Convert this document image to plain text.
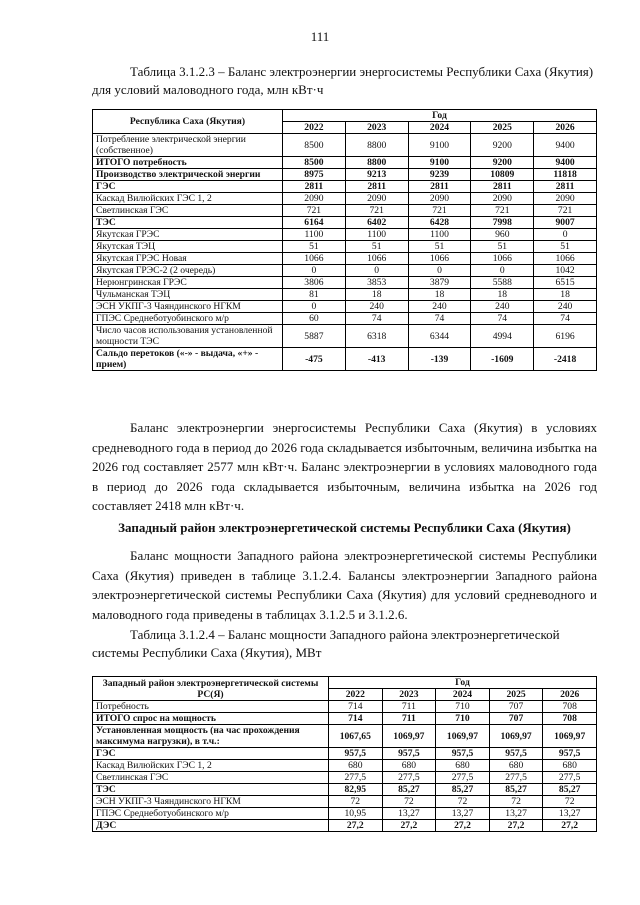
111
Таблица 3.1.2.3 – Баланс электроэнергии энергосистемы Республики Саха (Якутия) для условий маловодного года, млн кВт·ч
Республика Саха (Якутия)	Год				
	2022	2023	2024	2025	2026
Потребление электрической энергии (собственное)	8500	8800	9100	9200	9400
ИТОГО потребность	8500	8800	9100	9200	9400
Производство электрической энергии	8975	9213	9239	10809	11818
ГЭС	2811	2811	2811	2811	2811
Каскад Вилюйских ГЭС 1, 2	2090	2090	2090	2090	2090
Светлинская ГЭС	721	721	721	721	721
ТЭС	6164	6402	6428	7998	9007
Якутская ГРЭС	1100	1100	1100	960	0
Якутская ТЭЦ	51	51	51	51	51
Якутская ГРЭС Новая	1066	1066	1066	1066	1066
Якутская ГРЭС-2 (2 очередь)	0	0	0	0	1042
Нерюнгринская ГРЭС	3806	3853	3879	5588	6515
Чульманская ТЭЦ	81	18	18	18	18
ЭСН УКПГ-3 Чаяндинского НГКМ	0	240	240	240	240
ГПЭС Среднеботуобинского м/р	60	74	74	74	74
Число часов использования установленной мощности ТЭС	5887	6318	6344	4994	6196
Сальдо перетоков («-» - выдача, «+» - прием)	-475	-413	-139	-1609	-2418
Баланс электроэнергии энергосистемы Республики Саха (Якутия) в условиях средневодного года в период до 2026 года складывается избыточным, величина избытка на 2026 год составляет 2577 млн кВт·ч. Баланс электроэнергии в условиях маловодного года в период до 2026 года складывается избыточным, величина избытка на 2026 год составляет 2418 млн кВт·ч.
Западный район электроэнергетической системы Республики Саха (Якутия)
Баланс мощности Западного района электроэнергетической системы Республики Саха (Якутия) приведен в таблице 3.1.2.4. Балансы электроэнергии Западного района электроэнергетической системы Республики Саха (Якутия) для условий средневодного и маловодного года приведены в таблицах 3.1.2.5 и 3.1.2.6.
Таблица 3.1.2.4 – Баланс мощности Западного района электроэнергетической системы Республики Саха (Якутия), МВт
Западный район электроэнергетической системы РС(Я)	Год				
	2022	2023	2024	2025	2026
Потребность	714	711	710	707	708
ИТОГО спрос на мощность	714	711	710	707	708
Установленная мощность (на час прохождения максимума нагрузки), в т.ч.:	1067,65	1069,97	1069,97	1069,97	1069,97
ГЭС	957,5	957,5	957,5	957,5	957,5
Каскад Вилюйских ГЭС 1, 2	680	680	680	680	680
Светлинская ГЭС	277,5	277,5	277,5	277,5	277,5
ТЭС	82,95	85,27	85,27	85,27	85,27
ЭСН УКПГ-3 Чаяндинского НГКМ	72	72	72	72	72
ГПЭС Среднеботуобинского м/р	10,95	13,27	13,27	13,27	13,27
ДЭС	27,2	27,2	27,2	27,2	27,2
